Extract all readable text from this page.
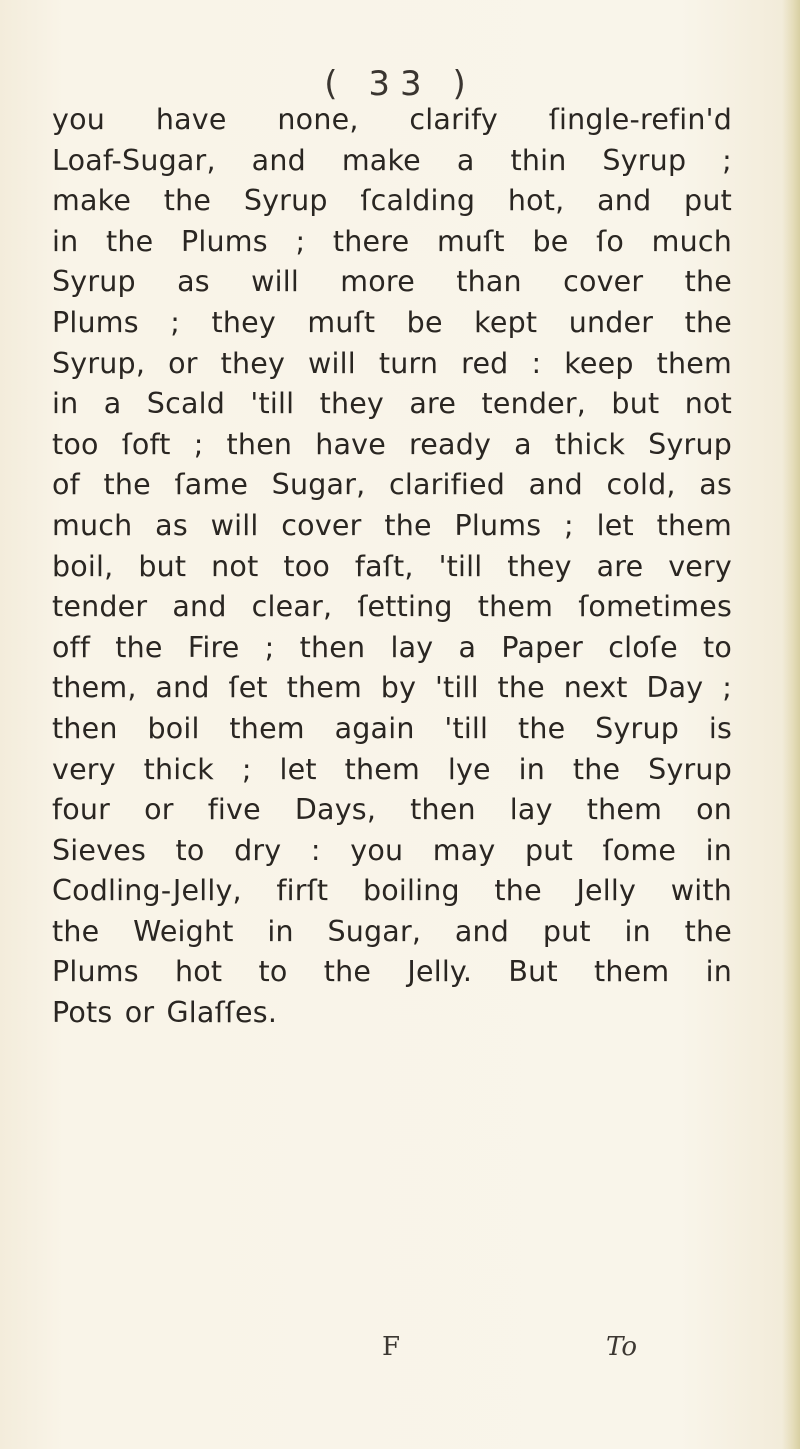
( 33 )
you have none, clarify ſingle-refin'd
Loaf-Sugar, and make a thin Syrup ;
make the Syrup ſcalding hot, and put
in the Plums ; there muſt be ſo much
Syrup as will more than cover the
Plums ; they muſt be kept under the
Syrup, or they will turn red : keep them
in a Scald 'till they are tender, but not
too ſoft ; then have ready a thick Syrup
of the ſame Sugar, clarified and cold, as
much as will cover the Plums ; let them
boil, but not too faſt, 'till they are very
tender and clear, ſetting them ſometimes
off the Fire ; then lay a Paper cloſe to
them, and ſet them by 'till the next Day ;
then boil them again 'till the Syrup is
very thick ; let them lye in the Syrup
four or five Days, then lay them on
Sieves to dry : you may put ſome in
Codling-Jelly, firſt boiling the Jelly with
the Weight in Sugar, and put in the
Plums hot to the Jelly. But them in
Pots or Glaſſes.
F	To
